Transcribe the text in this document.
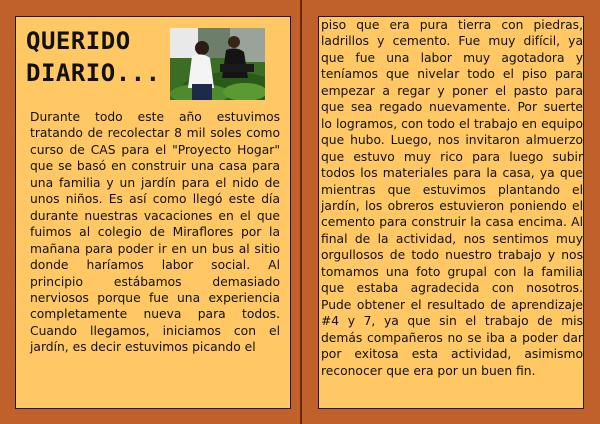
QUERIDO
DIARIO...

Durante todo este año estuvimos tratando de recolectar 8 mil soles como curso de CAS para el "Proyecto Hogar" que se basó en construir una casa para una familia y un jardín para el nido de unos niños. Es así como llegó este día durante nuestras vacaciones en el que fuimos al colegio de Miraflores por la mañana para poder ir en un bus al sitio donde haríamos labor social. Al principio estábamos demasiado nerviosos porque fue una experiencia completamente nueva para todos. Cuando llegamos, iniciamos con el jardín, es decir estuvimos picando el

piso que era pura tierra con piedras, ladrillos y cemento. Fue muy difícil, ya que fue una labor muy agotadora y teníamos que nivelar todo el piso para empezar a regar y poner el pasto para que sea regado nuevamente. Por suerte lo logramos, con todo el trabajo en equipo que hubo. Luego, nos invitaron almuerzo que estuvo muy rico para luego subir todos los materiales para la casa, ya que mientras que estuvimos plantando el jardín, los obreros estuvieron poniendo el cemento para construir la casa encima. Al final de la actividad, nos sentimos muy orgullosos de todo nuestro trabajo y nos tomamos una foto grupal con la familia que estaba agradecida con nosotros. Pude obtener el resultado de aprendizaje #4 y 7, ya que sin el trabajo de mis demás compañeros no se iba a poder dar por exitosa esta actividad, asimismo reconocer que era por un buen fin.
